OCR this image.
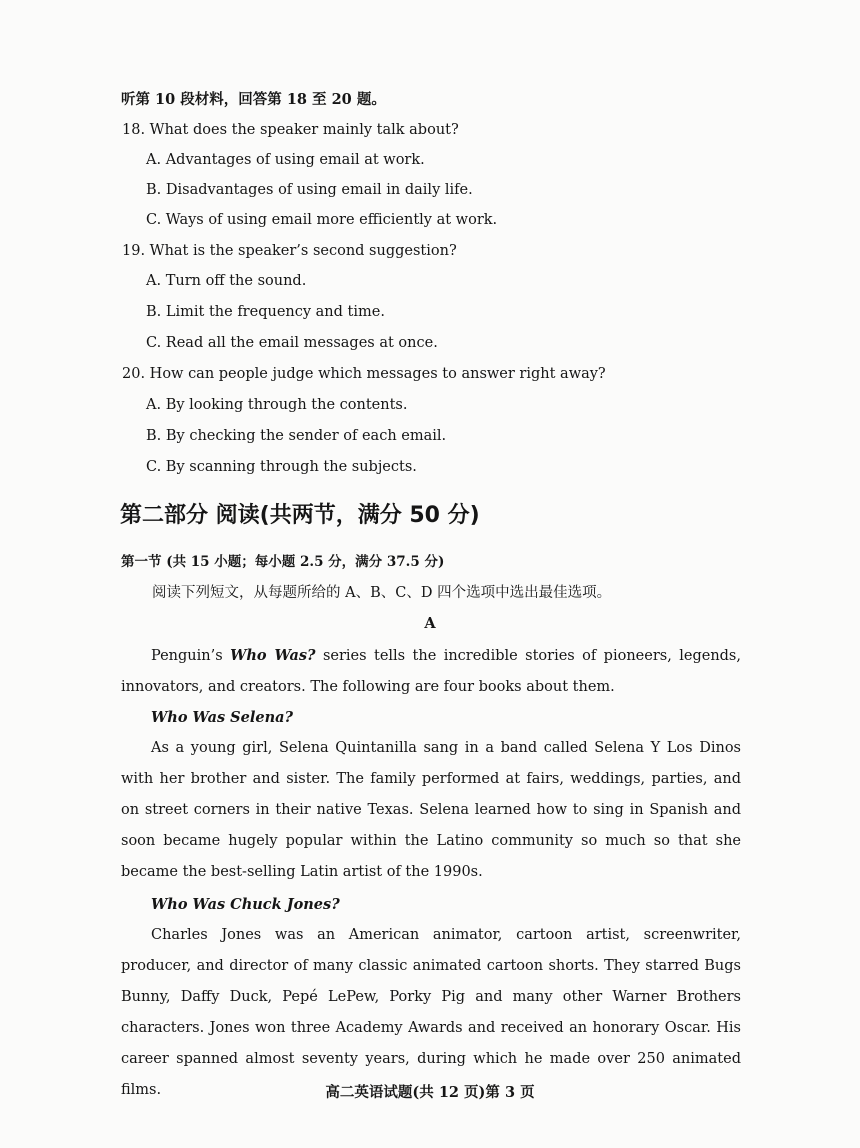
听第 10 段材料，回答第 18 至 20 题。
18. What does the speaker mainly talk about?
A. Advantages of using email at work.
B. Disadvantages of using email in daily life.
C. Ways of using email more efficiently at work.
19. What is the speaker’s second suggestion?
A. Turn off the sound.
B. Limit the frequency and time.
C. Read all the email messages at once.
20. How can people judge which messages to answer right away?
A. By looking through the contents.
B. By checking the sender of each email.
C. By scanning through the subjects.
第二部分 阅读(共两节，满分 50 分)
第一节 (共 15 小题；每小题 2.5 分，满分 37.5 分)
阅读下列短文，从每题所给的 A、B、C、D 四个选项中选出最佳选项。
A
Penguin’s Who Was? series tells the incredible stories of pioneers, legends, innovators, and creators. The following are four books about them.
Who Was Selena?
As a young girl, Selena Quintanilla sang in a band called Selena Y Los Dinos with her brother and sister. The family performed at fairs, weddings, parties, and on street corners in their native Texas. Selena learned how to sing in Spanish and soon became hugely popular within the Latino community so much so that she became the best-selling Latin artist of the 1990s.
Who Was Chuck Jones?
Charles Jones was an American animator, cartoon artist, screenwriter, producer, and director of many classic animated cartoon shorts. They starred Bugs Bunny, Daffy Duck, Pepé LePew, Porky Pig and many other Warner Brothers characters. Jones won three Academy Awards and received an honorary Oscar. His career spanned almost seventy years, during which he made over 250 animated films.	高二英语试题(共 12 页)第 3 页
